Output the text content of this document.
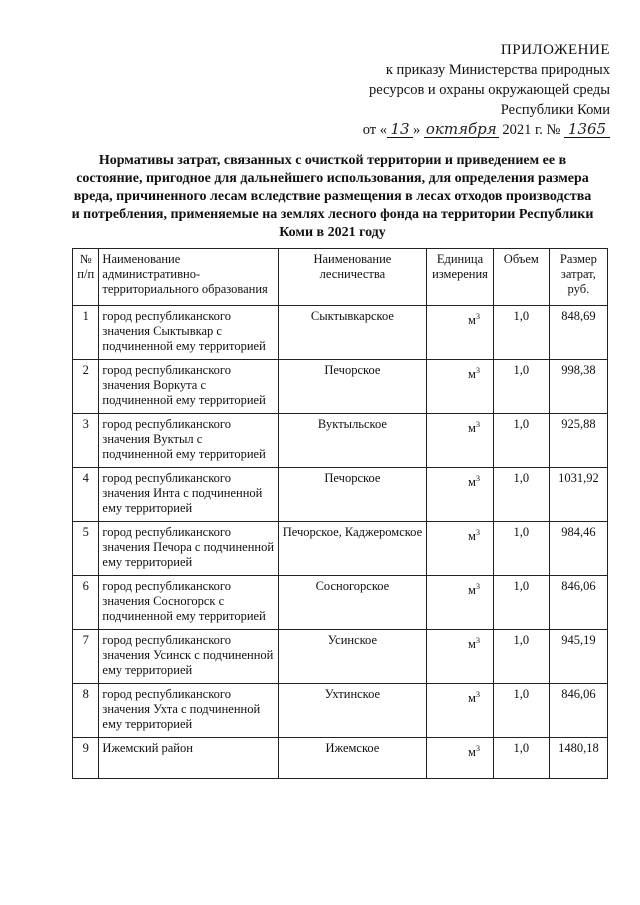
ПРИЛОЖЕНИЕ
к приказу Министерства природных
ресурсов и охраны окружающей среды
Республики Коми
от « 13 » октября 2021 г. № 1365
Нормативы затрат, связанных с очисткой территории и приведением ее в состояние, пригодное для дальнейшего использования, для определения размера вреда, причиненного лесам вследствие размещения в лесах отходов производства и потребления, применяемые на землях лесного фонда на территории Республики Коми в 2021 году
№ п/п	Наименование административно-территориального образования	Наименование лесничества	Единица измерения	Объем	Размер затрат, руб.
1	город республиканского значения Сыктывкар с подчиненной ему территорией	Сыктывкарское	$м^3$	1,0	848,69
2	город республиканского значения Воркута с подчиненной ему территорией	Печорское	$м^3$	1,0	998,38
3	город республиканского значения Вуктыл с подчиненной ему территорией	Вуктыльское	$м^3$	1,0	925,88
4	город республиканского значения Инта с подчиненной ему территорией	Печорское	$м^3$	1,0	1031,92
5	город республиканского значения Печора с подчиненной ему территорией	Печорское, Каджеромское	$м^3$	1,0	984,46
6	город республиканского значения Сосногорск с подчиненной ему территорией	Сосногорское	$м^3$	1,0	846,06
7	город республиканского значения Усинск с подчиненной ему территорией	Усинское	$м^3$	1,0	945,19
8	город республиканского значения Ухта с подчиненной ему территорией	Ухтинское	$м^3$	1,0	846,06
9	Ижемский район	Ижемское	$м^3$	1,0	1480,18
